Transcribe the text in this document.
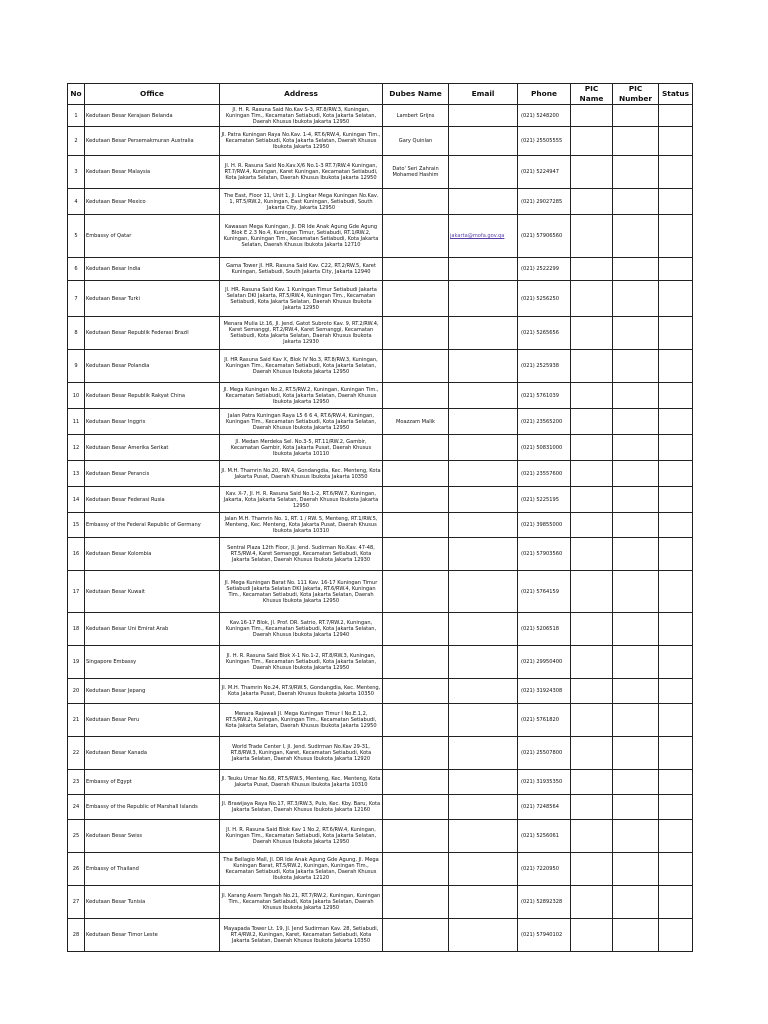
No	Office	Address	Dubes Name	Email	Phone	PIC Name	PIC Number	Status
1	Kedutaan Besar Kerajaan Belanda	Jl. H. R. Rasuna Said No.Kav S-3, RT.8/RW.3, Kuningan, Kuningan Tim., Kecamatan Setiabudi, Kota Jakarta Selatan, Daerah Khusus Ibukota Jakarta 12950	Lambert Grijns		(021) 5248200			
2	Kedutaan Besar Persemakmuran Australia	Jl. Patra Kuningan Raya No.Kav. 1-4, RT.6/RW.4, Kuningan Tim., Kecamatan Setiabudi, Kota Jakarta Selatan, Daerah Khusus Ibukota Jakarta 12950	Gary Quinlan		(021) 25505555			
3	Kedutaan Besar Malaysia	Jl. H. R. Rasuna Said No.Kav.X/6 No.1-3 RT.7/RW.4 Kuningan, RT.7/RW.4, Kuningan, Karet Kuningan, Kecamatan Setiabudi, Kota Jakarta Selatan, Daerah Khusus Ibukota Jakarta 12950	Dato' Seri Zahrain Mohamed Hashim		(021) 5224947			
4	Kedutaan Besar Mexico	The East, Floor 11, Unit 1, Jl. Lingkar Mega Kuningan No.Kav. 1, RT.5/RW.2, Kuningan, East Kuningan, Setiabudi, South Jakarta City, Jakarta 12950			(021) 29027285			
5	Embassy of Qatar	Kawasan Mega Kuningan, Jl. DR Ide Anak Agung Gde Agung Blok E 2.3 No.4, Kuningan Timur, Setiabudi, RT.1/RW.2, Kuningan, Kuningan Tim., Kecamatan Setiabudi, Kota Jakarta Selatan, Daerah Khusus Ibukota Jakarta 12710		jakarta@mofa.gov.qa	(021) 57906560			
6	Kedutaan Besar India	Gama Tower Jl. HR. Rasuna Said Kav. C22, RT.2/RW.5, Karet Kuningan, Setiabudi, South Jakarta City, Jakarta 12940			(021) 2522299			
7	Kedutaan Besar Turki	Jl. HR. Rasuna Said Kav. 1 Kuningan Timur Setiabudi Jakarta Selatan DKI Jakarta, RT.5/RW.4, Kuningan Tim., Kecamatan Setiabudi, Kota Jakarta Selatan, Daerah Khusus Ibukota Jakarta 12950			(021) 5256250			
8	Kedutaan Besar Republik Federasi Brazil	Menara Mulia Lt.16, Jl. Jend. Gatot Subroto Kav. 9, RT.2/RW.4, Karet Semanggi, RT.2/RW.4, Karet Semanggi, Kecamatan Setiabudi, Kota Jakarta Selatan, Daerah Khusus Ibukota Jakarta 12930			(021) 5265656			
9	Kedutaan Besar Polandia	Jl. HR Rasuna Said Kav X, Blok IV No.3, RT.8/RW.3, Kuningan, Kuningan Tim., Kecamatan Setiabudi, Kota Jakarta Selatan, Daerah Khusus Ibukota Jakarta 12950			(021) 2525938			
10	Kedutaan Besar Republik Rakyat China	Jl. Mega Kuningan No.2, RT.5/RW.2, Kuningan, Kuningan Tim., Kecamatan Setiabudi, Kota Jakarta Selatan, Daerah Khusus Ibukota Jakarta 12950			(021) 5761039			
11	Kedutaan Besar Inggris	Jalan Patra Kuningan Raya L5 6 6 4, RT.6/RW.4, Kuningan, Kuningan Tim., Kecamatan Setiabudi, Kota Jakarta Selatan, Daerah Khusus Ibukota Jakarta 12950	Moazzam Malik		(021) 23565200			
12	Kedutaan Besar Amerika Serikat	Jl. Medan Merdeka Sel. No.3-5, RT.11/RW.2, Gambir, Kecamatan Gambir, Kota Jakarta Pusat, Daerah Khusus Ibukota Jakarta 10110			(021) 50831000			
13	Kedutaan Besar Perancis	Jl. M.H. Thamrin No.20, RW.4, Gondangdia, Kec. Menteng, Kota Jakarta Pusat, Daerah Khusus Ibukota Jakarta 10350			(021) 23557600			
14	Kedutaan Besar Federasi Rusia	Kav. X-7, Jl. H. R. Rasuna Said No.1-2, RT.6/RW.7, Kuningan, Jakarta, Kota Jakarta Selatan, Daerah Khusus Ibukota Jakarta 12950			(021) 5225195			
15	Embassy of the Federal Republic of Germany	Jalan M.H. Thamrin No. 1, RT. 1 / RW. 5, Menteng, RT.1/RW.5, Menteng, Kec. Menteng, Kota Jakarta Pusat, Daerah Khusus Ibukota Jakarta 10310			(021) 39855000			
16	Kedutaan Besar Kolombia	Sentral Plaza 12th Floor, Jl. Jend. Sudirman No.Kav. 47-48, RT.5/RW.4, Karet Semanggi, Kecamatan Setiabudi, Kota Jakarta Selatan, Daerah Khusus Ibukota Jakarta 12930			(021) 57903560			
17	Kedutaan Besar Kuwait	Jl. Mega Kuningan Barat No. 111 Kav. 16-17 Kuningan Timur Setiabudi Jakarta Selatan DKI Jakarta, RT.6/RW.4, Kuningan Tim., Kecamatan Setiabudi, Kota Jakarta Selatan, Daerah Khusus Ibukota Jakarta 12950			(021) 5764159			
18	Kedutaan Besar Uni Emirat Arab	Kav.16-17 Blok, Jl. Prof. DR. Satrio, RT.7/RW.2, Kuningan, Kuningan Tim., Kecamatan Setiabudi, Kota Jakarta Selatan, Daerah Khusus Ibukota Jakarta 12940			(021) 5206518			
19	Singapore Embassy	Jl. H. R. Rasuna Said Blok X-1 No.1-2, RT.8/RW.3, Kuningan, Kuningan Tim., Kecamatan Setiabudi, Kota Jakarta Selatan, Daerah Khusus Ibukota Jakarta 12950			(021) 29950400			
20	Kedutaan Besar Jepang	Jl. M.H. Thamrin No.24, RT.9/RW.5, Gondangdia, Kec. Menteng, Kota Jakarta Pusat, Daerah Khusus Ibukota Jakarta 10350			(021) 31924308			
21	Kedutaan Besar Peru	Menara Rajawali Jl. Mega Kuningan Timur I No.E.1,2, RT.5/RW.2, Kuningan, Kuningan Tim., Kecamatan Setiabudi, Kota Jakarta Selatan, Daerah Khusus Ibukota Jakarta 12950			(021) 5761820			
22	Kedutaan Besar Kanada	World Trade Center I, Jl. Jend. Sudirman No.Kav 29-31, RT.8/RW.3, Kuningan, Karet, Kecamatan Setiabudi, Kota Jakarta Selatan, Daerah Khusus Ibukota Jakarta 12920			(021) 25507800			
23	Embassy of Egypt	Jl. Teuku Umar No.68, RT.5/RW.5, Menteng, Kec. Menteng, Kota Jakarta Pusat, Daerah Khusus Ibukota Jakarta 10310			(021) 31935350			
24	Embassy of the Republic of Marshall Islands	Jl. Brawijaya Raya No.17, RT.3/RW.3, Pulo, Kec. Kby. Baru, Kota Jakarta Selatan, Daerah Khusus Ibukota Jakarta 12160			(021) 7248564			
25	Kedutaan Besar Swiss	Jl. H. R. Rasuna Said Blok Kav 1 No.2, RT.6/RW.4, Kuningan, Kuningan Tim., Kecamatan Setiabudi, Kota Jakarta Selatan, Daerah Khusus Ibukota Jakarta 12950			(021) 5256061			
26	Embassy of Thailand	The Bellagio Mall, Jl. DR Ide Anak Agung Gde Agung, Jl. Mega Kuningan Barat, RT.5/RW.2, Kuningan, Kuningan Tim., Kecamatan Setiabudi, Kota Jakarta Selatan, Daerah Khusus Ibukota Jakarta 12120			(021) 7220950			
27	Kedutaan Besar Tunisia	Jl. Karang Asem Tengah No.21, RT.7/RW.2, Kuningan, Kuningan Tim., Kecamatan Setiabudi, Kota Jakarta Selatan, Daerah Khusus Ibukota Jakarta 12950			(021) 52892328			
28	Kedutaan Besar Timor Leste	Mayapada Tower Lt. 19, Jl. Jend Sudirman Kav. 28, Setiabudi, RT.4/RW.2, Kuningan, Karet, Kecamatan Setiabudi, Kota Jakarta Selatan, Daerah Khusus Ibukota Jakarta 10350			(021) 57940102			
